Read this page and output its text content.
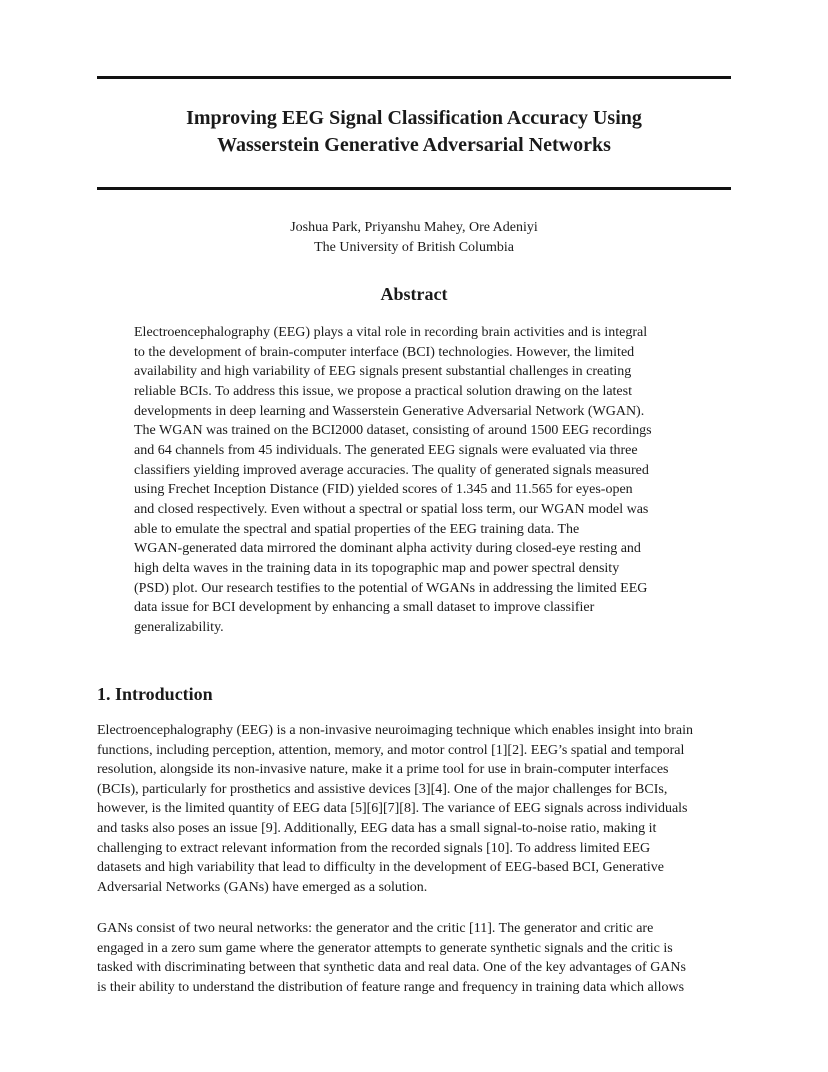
Improving EEG Signal Classification Accuracy Using
Wasserstein Generative Adversarial Networks
Joshua Park, Priyanshu Mahey, Ore Adeniyi
The University of British Columbia
Abstract

Electroencephalography (EEG) plays a vital role in recording brain activities and is integral
to the development of brain-computer interface (BCI) technologies. However, the limited
availability and high variability of EEG signals present substantial challenges in creating
reliable BCIs. To address this issue, we propose a practical solution drawing on the latest
developments in deep learning and Wasserstein Generative Adversarial Network (WGAN).
The WGAN was trained on the BCI2000 dataset, consisting of around 1500 EEG recordings
and 64 channels from 45 individuals. The generated EEG signals were evaluated via three
classifiers yielding improved average accuracies. The quality of generated signals measured
using Frechet Inception Distance (FID) yielded scores of 1.345 and 11.565 for eyes-open
and closed respectively. Even without a spectral or spatial loss term, our WGAN model was
able to emulate the spectral and spatial properties of the EEG training data. The
WGAN-generated data mirrored the dominant alpha activity during closed-eye resting and
high delta waves in the training data in its topographic map and power spectral density
(PSD) plot. Our research testifies to the potential of WGANs in addressing the limited EEG
data issue for BCI development by enhancing a small dataset to improve classifier
generalizability.

1. Introduction

Electroencephalography (EEG) is a non-invasive neuroimaging technique which enables insight into brain
functions, including perception, attention, memory, and motor control [1][2]. EEG’s spatial and temporal
resolution, alongside its non-invasive nature, make it a prime tool for use in brain-computer interfaces
(BCIs), particularly for prosthetics and assistive devices [3][4]. One of the major challenges for BCIs,
however, is the limited quantity of EEG data [5][6][7][8]. The variance of EEG signals across individuals
and tasks also poses an issue [9]. Additionally, EEG data has a small signal-to-noise ratio, making it
challenging to extract relevant information from the recorded signals [10]. To address limited EEG
datasets and high variability that lead to difficulty in the development of EEG-based BCI, Generative
Adversarial Networks (GANs) have emerged as a solution.

GANs consist of two neural networks: the generator and the critic [11]. The generator and critic are
engaged in a zero sum game where the generator attempts to generate synthetic signals and the critic is
tasked with discriminating between that synthetic data and real data. One of the key advantages of GANs
is their ability to understand the distribution of feature range and frequency in training data which allows
